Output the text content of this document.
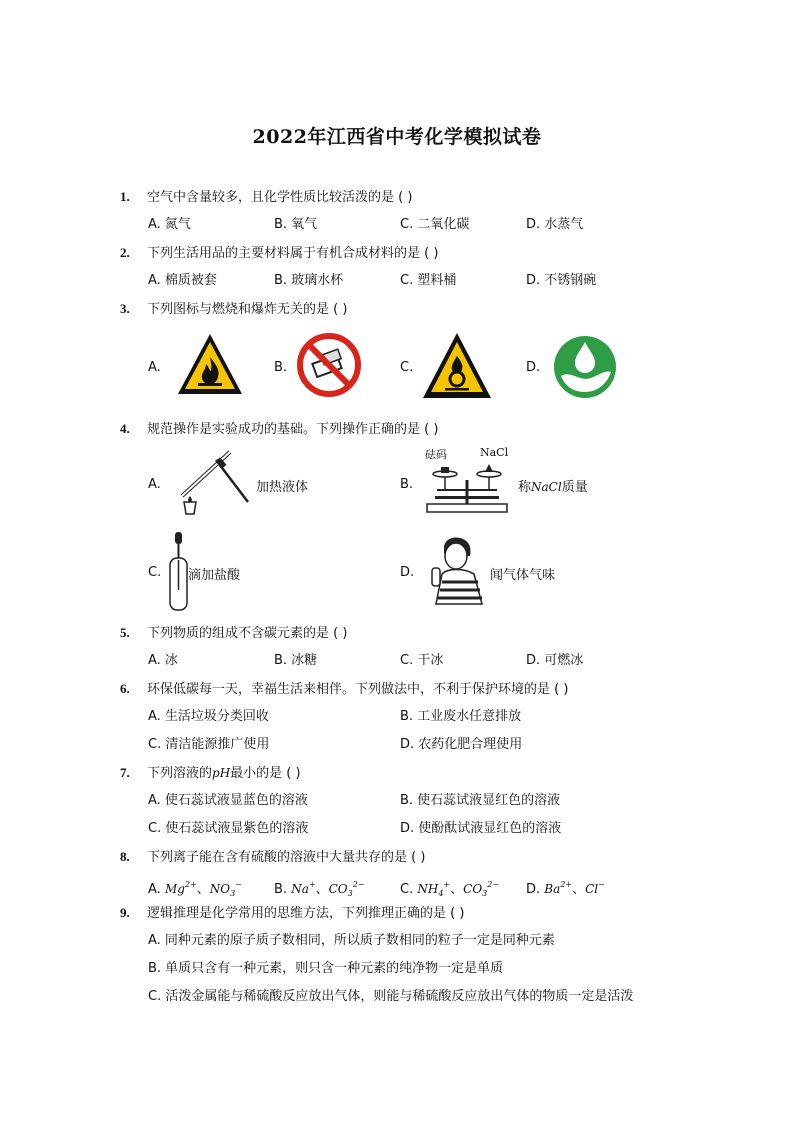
2022年江西省中考化学模拟试卷
1. 空气中含量较多，且化学性质比较活泼的是 ( )
A. 氮气	B. 氧气	C. 二氧化碳	D. 水蒸气
2. 下列生活用品的主要材料属于有机合成材料的是 ( )
A. 棉质被套	B. 玻璃水杯	C. 塑料桶	D. 不锈钢碗
3. 下列图标与燃烧和爆炸无关的是 ( )
A.	B.	C.	D.
4. 规范操作是实验成功的基础。下列操作正确的是 ( )
A.	加热液体	B.
砝码	NaCl
称NaCl质量
C. 滴加盐酸	D.	闻气体气味
5. 下列物质的组成不含碳元素的是 ( )
A. 冰	B. 冰糖	C. 干冰	D. 可燃冰
6. 环保低碳每一天，幸福生活来相伴。下列做法中，不利于保护环境的是 ( )
A. 生活垃圾分类回收	B. 工业废水任意排放
C. 清洁能源推广使用	D. 农药化肥合理使用
7. 下列溶液的pH最小的是 ( )
A. 使石蕊试液显蓝色的溶液	B. 使石蕊试液显红色的溶液
C. 使石蕊试液显紫色的溶液	D. 使酚酞试液显红色的溶液
8. 下列离子能在含有硫酸的溶液中大量共存的是 ( )
A. $Mg^{2+}$、$NO_3^-$ B. Na+、$CO_3^{2-}$	C. $NH_4^+$、$CO_3^{2-}$ D. $Ba^{2+}$、Cl−
9. 逻辑推理是化学常用的思维方法，下列推理正确的是 ( )
A. 同种元素的原子质子数相同，所以质子数相同的粒子一定是同种元素
B. 单质只含有一种元素，则只含一种元素的纯净物一定是单质
C. 活泼金属能与稀硫酸反应放出气体，则能与稀硫酸反应放出气体的物质一定是活泼
